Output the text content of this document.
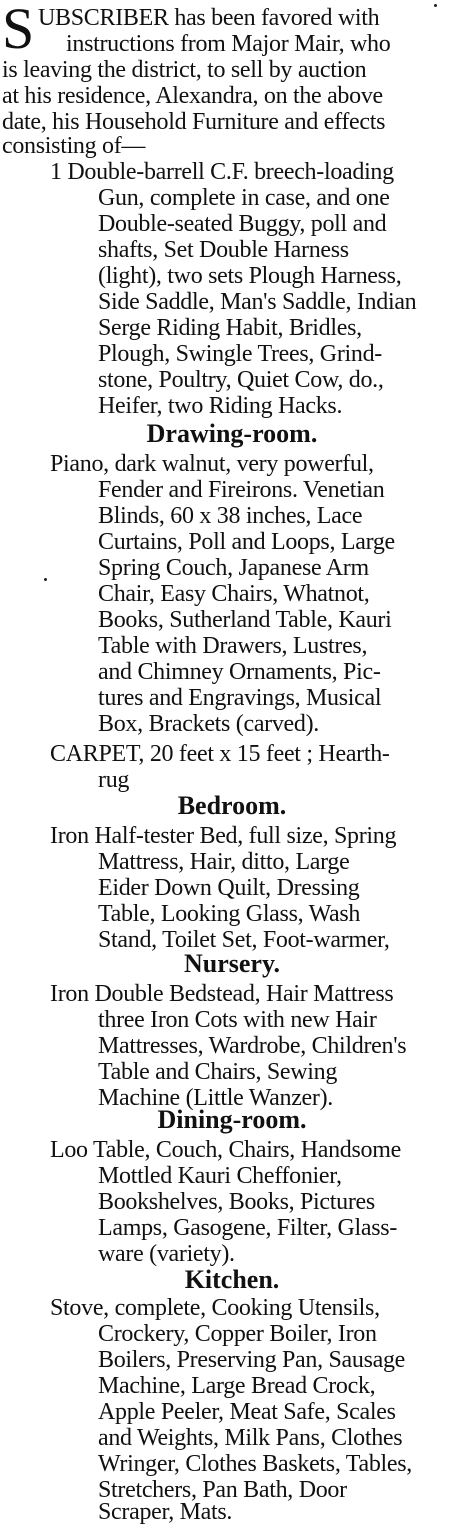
S UBSCRIBER has been favored with
instructions from Major Mair, who
is leaving the district, to sell by auction
at his residence, Alexandra, on the above
date, his Household Furniture and effects
consisting of—
1 Double-barrell C.F. breech-loading
Gun, complete in case, and one
Double-seated Buggy, poll and
shafts, Set Double Harness
(light), two sets Plough Harness,
Side Saddle, Man's Saddle, Indian
Serge Riding Habit, Bridles,
Plough, Swingle Trees, Grind-
stone, Poultry, Quiet Cow, do.,
Heifer, two Riding Hacks.
Drawing-room.
Piano, dark walnut, very powerful,
Fender and Fireirons. Venetian
Blinds, 60 x 38 inches, Lace
Curtains, Poll and Loops, Large
Spring Couch, Japanese Arm
Chair, Easy Chairs, Whatnot,
Books, Sutherland Table, Kauri
Table with Drawers, Lustres,
and Chimney Ornaments, Pic-
tures and Engravings, Musical
Box, Brackets (carved).
CARPET, 20 feet x 15 feet ; Hearth-
rug
Bedroom.
Iron Half-tester Bed, full size, Spring
Mattress, Hair, ditto, Large
Eider Down Quilt, Dressing
Table, Looking Glass, Wash
Stand, Toilet Set, Foot-warmer,
Nursery.
Iron Double Bedstead, Hair Mattress
three Iron Cots with new Hair
Mattresses, Wardrobe, Children's
Table and Chairs, Sewing
Machine (Little Wanzer).
Dining-room.
Loo Table, Couch, Chairs, Handsome
Mottled Kauri Cheffonier,
Bookshelves, Books, Pictures
Lamps, Gasogene, Filter, Glass-
ware (variety).
Kitchen.
Stove, complete, Cooking Utensils,
Crockery, Copper Boiler, Iron
Boilers, Preserving Pan, Sausage
Machine, Large Bread Crock,
Apple Peeler, Meat Safe, Scales
and Weights, Milk Pans, Clothes
Wringer, Clothes Baskets, Tables,
Stretchers, Pan Bath, Door
Scraper, Mats.
